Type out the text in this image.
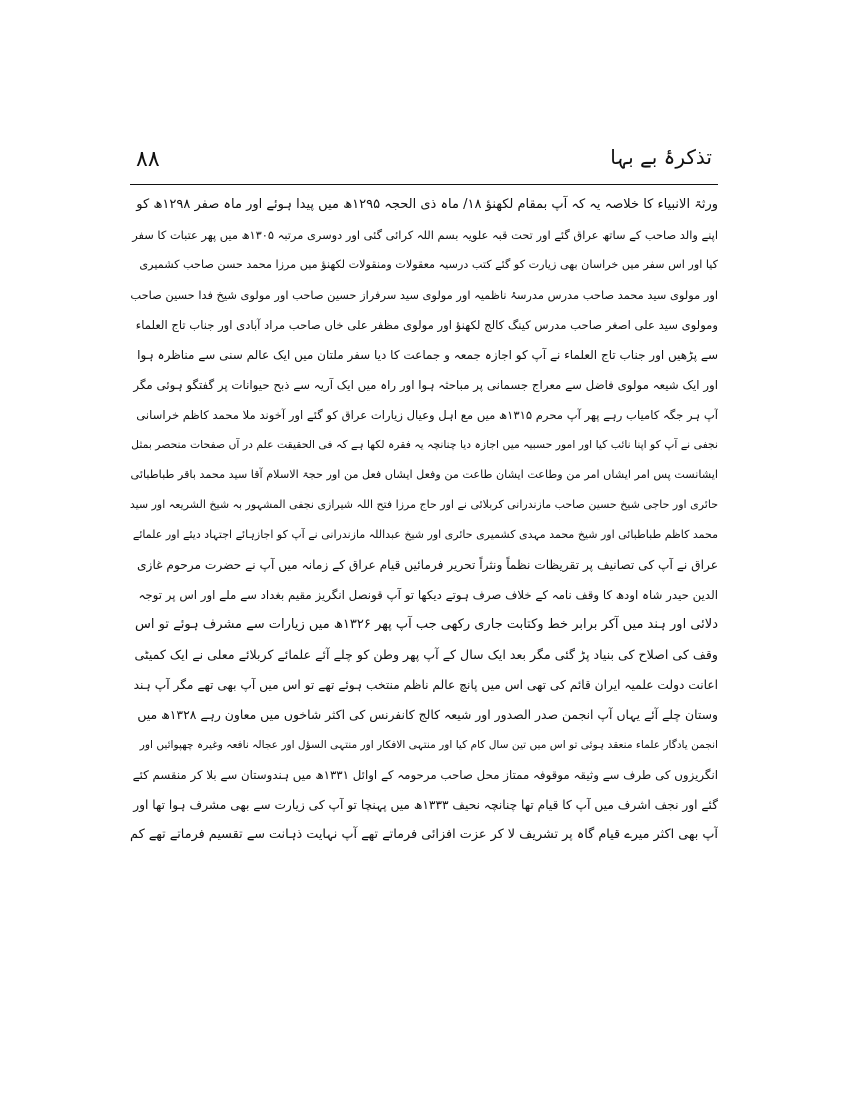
۸۸	تذکرۂ بے بہا
ورثۃ الانبیاء کا خلاصہ یہ کہ آپ بمقام لکھنؤ ۱۸/ ماہ ذی الحجہ ۱۲۹۵ھ میں پیدا ہوئے اور ماہ صفر ۱۲۹۸ھ کو
اپنے والد صاحب کے ساتھ عراق گئے اور تحت قبہ علویہ بسم اللہ کرائی گئی اور دوسری مرتبہ ۱۳۰۵ھ میں پھر عتبات کا سفر
کیا اور اس سفر میں خراسان بھی زیارت کو گئے کتب درسیہ معقولات ومنقولات لکھنؤ میں مرزا محمد حسن صاحب کشمیری
اور مولوی سید محمد صاحب مدرس مدرسۂ ناظمیہ اور مولوی سید سرفراز حسین صاحب اور مولوی شیخ فدا حسین صاحب
ومولوی سید علی اصغر صاحب مدرس کینگ کالج لکھنؤ اور مولوی مظفر علی خاں صاحب مراد آبادی اور جناب تاج العلماء
سے پڑھیں اور جناب تاج العلماء نے آپ کو اجازہ جمعہ و جماعت کا دیا سفر ملتان میں ایک عالم سنی سے مناظرہ ہوا
اور ایک شیعہ مولوی فاضل سے معراج جسمانی پر مباحثہ ہوا اور راہ میں ایک آریہ سے ذبح حیوانات پر گفتگو ہوئی مگر
آپ ہر جگہ کامیاب رہے پھر آپ محرم ۱۳۱۵ھ میں مع اہل وعیال زیارات عراق کو گئے اور آخوند ملا محمد کاظم خراسانی
نجفی نے آپ کو اپنا نائب کیا اور امور حسبیہ میں اجازہ دیا چنانچہ یہ فقرہ لکھا ہے کہ فی الحقیقت علم در آں صفحات منحصر بمثل
ایشانست پس امر ایشاں امر من وطاعت ایشان طاعت من وفعل ایشاں فعل من اور حجۃ الاسلام آقا سید محمد باقر طباطبائی
حائری اور حاجی شیخ حسین صاحب مازندرانی کربلائی نے اور حاج مرزا فتح اللہ شیرازی نجفی المشہور بہ شیخ الشریعہ اور سید
محمد کاظم طباطبائی اور شیخ محمد مہدی کشمیری حائری اور شیخ عبداللہ مازندرانی نے آپ کو اجازہائے اجتہاد دیئے اور علمائے
عراق نے آپ کی تصانیف پر تقریظات نظماً ونثراً تحریر فرمائیں قیام عراق کے زمانہ میں آپ نے حضرت مرحوم غازی
الدین حیدر شاہ اودھ کا وقف نامہ کے خلاف صرف ہوتے دیکھا تو آپ قونصل انگریز مقیم بغداد سے ملے اور اس پر توجہ
دلائی اور ہند میں آکر برابر خط وکتابت جاری رکھی جب آپ پھر ۱۳۲۶ھ میں زیارات سے مشرف ہوئے تو اس
وقف کی اصلاح کی بنیاد پڑ گئی مگر بعد ایک سال کے آپ پھر وطن کو چلے آئے علمائے کربلائے معلی نے ایک کمیٹی
اعانت دولت علمیہ ایران قائم کی تھی اس میں پانچ عالم ناظم منتخب ہوئے تھے تو اس میں آپ بھی تھے مگر آپ ہند
وستان چلے آئے یہاں آپ انجمن صدر الصدور اور شیعہ کالج کانفرنس کی اکثر شاخوں میں معاون رہے ۱۳۲۸ھ میں
انجمن یادگار علماء منعقد ہوئی تو اس میں تین سال کام کیا اور منتہی الافکار اور منتہی السؤل اور عجالہ نافعہ وغیرہ چھپوائیں اور
انگریزوں کی طرف سے وثیقہ موقوفہ ممتاز محل صاحب مرحومہ کے اوائل ۱۳۳۱ھ میں ہندوستان سے بلا کر منقسم کئے
گئے اور نجف اشرف میں آپ کا قیام تھا چنانچہ نحیف ۱۳۳۳ھ میں پہنچا تو آپ کی زیارت سے بھی مشرف ہوا تھا اور
آپ بھی اکثر میرے قیام گاہ پر تشریف لا کر عزت افزائی فرماتے تھے آپ نہایت ذہانت سے تقسیم فرماتے تھے کم
